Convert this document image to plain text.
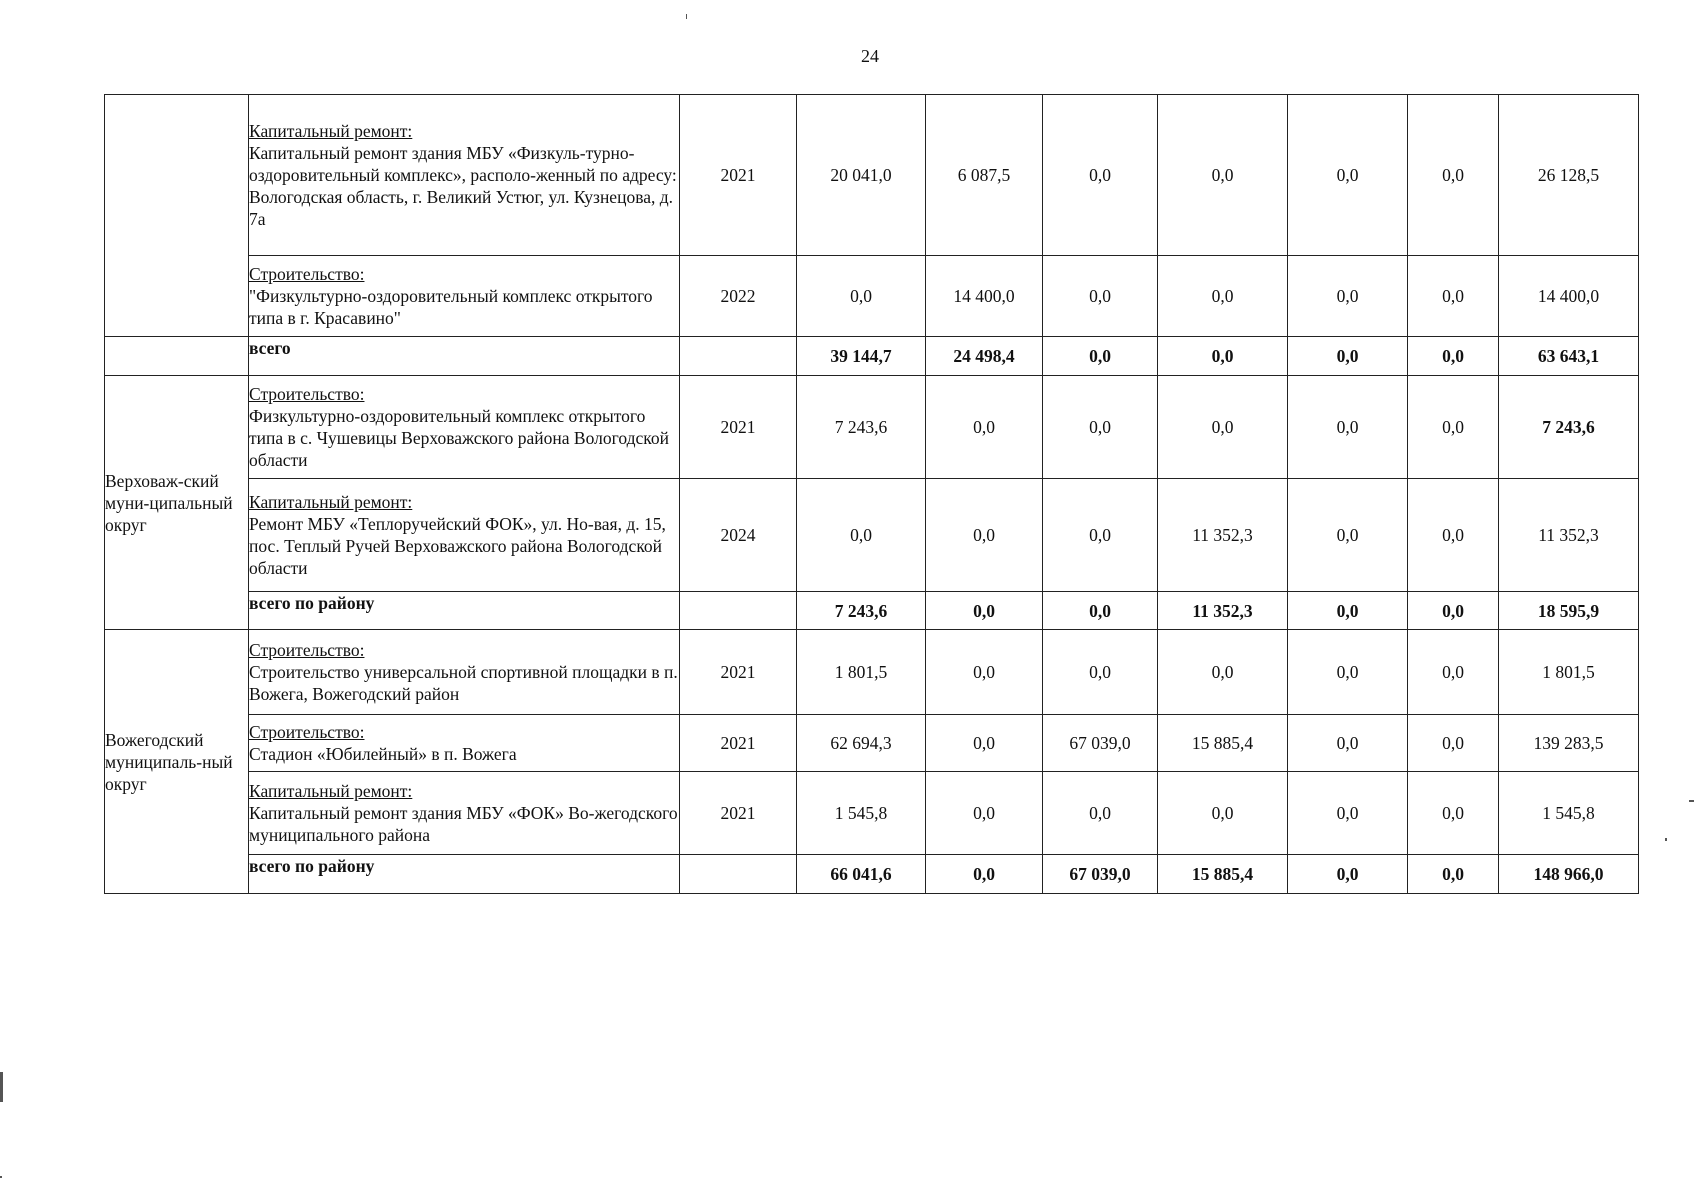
24

	Капитальный ремонт:
Капитальный ремонт здания МБУ «Физкуль-турно-оздоровительный комплекс», располо-женный по адресу: Вологодская область, г. Великий Устюг, ул. Кузнецова, д. 7а	2021	20 041,0	6 087,5	0,0	0,0	0,0	0,0	26 128,5

	Строительство:
"Физкультурно-оздоровительный комплекс открытого типа в г. Красавино"	2022	0,0	14 400,0	0,0	0,0	0,0	0,0	14 400,0
	всего		39 144,7	24 498,4	0,0	0,0	0,0	0,0	63 643,1
Верховаж-ский муни-ципальный округ	Строительство:
Физкультурно-оздоровительный комплекс открытого типа в с. Чушевицы Верховажского района Вологодской области	2021	7 243,6	0,0	0,0	0,0	0,0	0,0	7 243,6

	Капитальный ремонт:
Ремонт МБУ «Теплоручейский ФОК», ул. Но-вая, д. 15, пос. Теплый Ручей Верховажского района Вологодской области	2024	0,0	0,0	0,0	11 352,3	0,0	0,0	11 352,3
	всего по району		7 243,6	0,0	0,0	11 352,3	0,0	0,0	18 595,9
Вожегодский муниципаль-ный округ	Строительство:
Строительство универсальной спортивной площадки в п. Вожега, Вожегодский район	2021	1 801,5	0,0	0,0	0,0	0,0	0,0	1 801,5

	Строительство:
Стадион «Юбилейный» в п. Вожега	2021	62 694,3	0,0	67 039,0	15 885,4	0,0	0,0	139 283,5

	Капитальный ремонт:
Капитальный ремонт здания МБУ «ФОК» Во-жегодского муниципального района	2021	1 545,8	0,0	0,0	0,0	0,0	0,0	1 545,8
	всего по району		66 041,6	0,0	67 039,0	15 885,4	0,0	0,0	148 966,0
